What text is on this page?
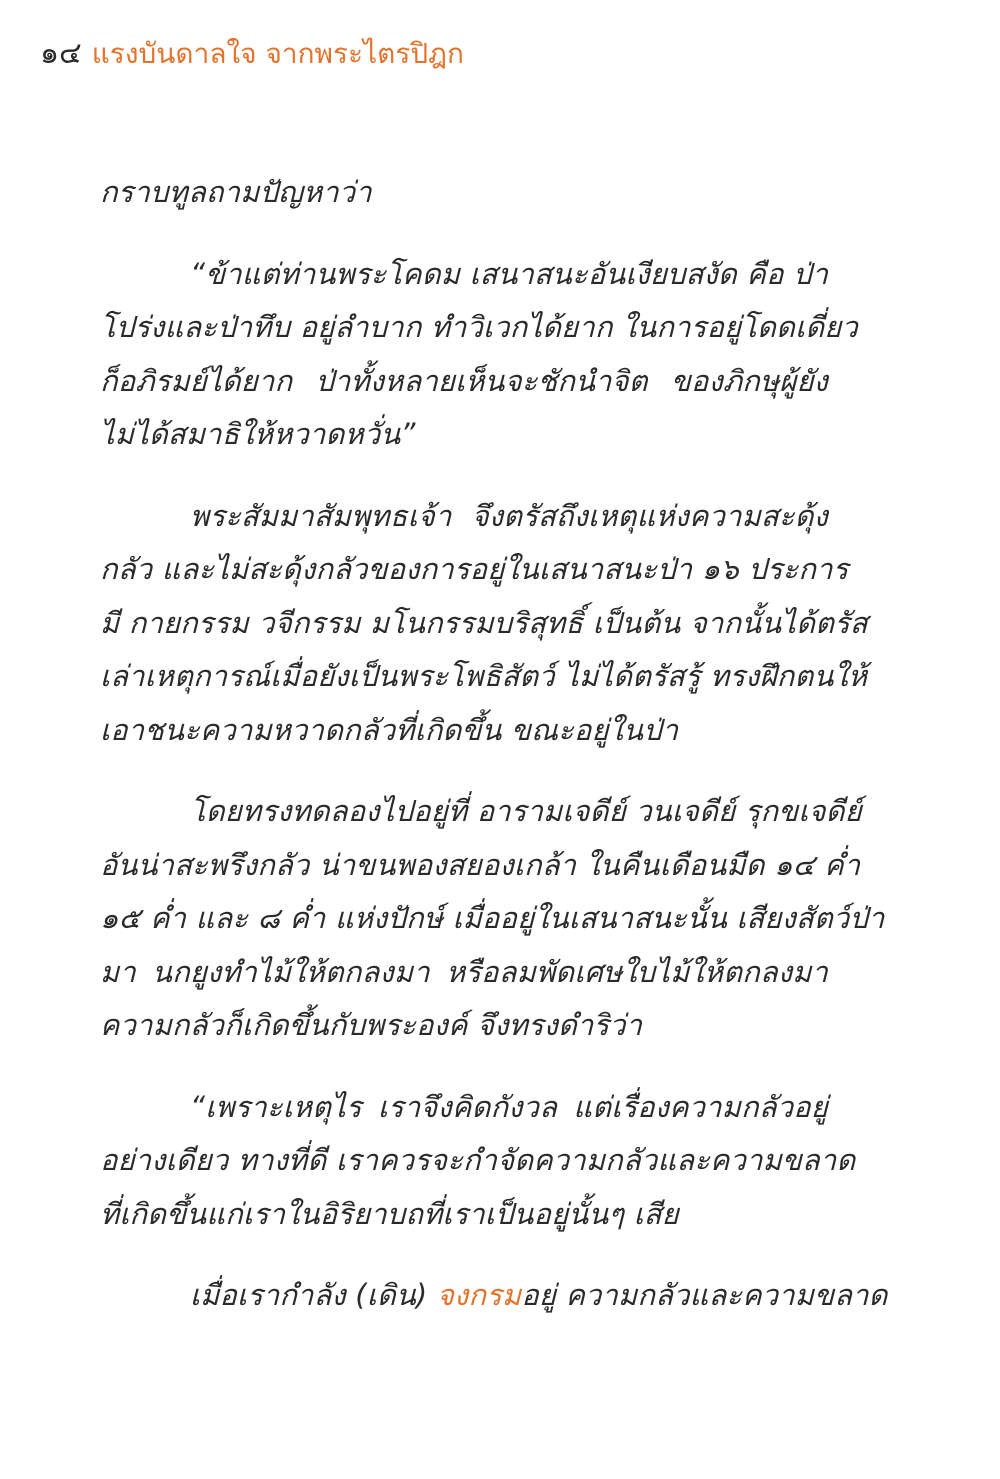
๑๔ แรงบันดาลใจ จากพระไตรปิฎก
กราบทูลถามปัญหาว่า
“ข้าแต่ท่านพระโคดม เสนาสนะอันเงียบสงัด คือ ป่า
โปร่งและป่าทึบ อยู่ลำบาก ทำวิเวกได้ยาก ในการอยู่โดดเดี่ยว
ก็อภิรมย์ได้ยาก ป่าทั้งหลายเห็นจะชักนำจิต ของภิกษุผู้ยัง
ไม่ได้สมาธิให้หวาดหวั่น”
พระสัมมาสัมพุทธเจ้า จึงตรัสถึงเหตุแห่งความสะดุ้ง
กลัว และไม่สะดุ้งกลัวของการอยู่ในเสนาสนะป่า ๑๖ ประการ
มี กายกรรม วจีกรรม มโนกรรมบริสุทธิ์ เป็นต้น จากนั้นได้ตรัส
เล่าเหตุการณ์เมื่อยังเป็นพระโพธิสัตว์ ไม่ได้ตรัสรู้ ทรงฝึกตนให้
เอาชนะความหวาดกลัวที่เกิดขึ้น ขณะอยู่ในป่า
โดยทรงทดลองไปอยู่ที่ อารามเจดีย์ วนเจดีย์ รุกขเจดีย์
อันน่าสะพรึงกลัว น่าขนพองสยองเกล้า ในคืนเดือนมืด ๑๔ ค่ำ
๑๕ ค่ำ และ ๘ ค่ำ แห่งปักษ์ เมื่ออยู่ในเสนาสนะนั้น เสียงสัตว์ป่า
มา นกยูงทำไม้ให้ตกลงมา หรือลมพัดเศษใบไม้ให้ตกลงมา
ความกลัวก็เกิดขึ้นกับพระองค์ จึงทรงดำริว่า
“เพราะเหตุไร เราจึงคิดกังวล แต่เรื่องความกลัวอยู่
อย่างเดียว ทางที่ดี เราควรจะกำจัดความกลัวและความขลาด
ที่เกิดขึ้นแก่เราในอิริยาบถที่เราเป็นอยู่นั้นๆ เสีย
เมื่อเรากำลัง (เดิน) จงกรมอยู่ ความกลัวและความขลาด
